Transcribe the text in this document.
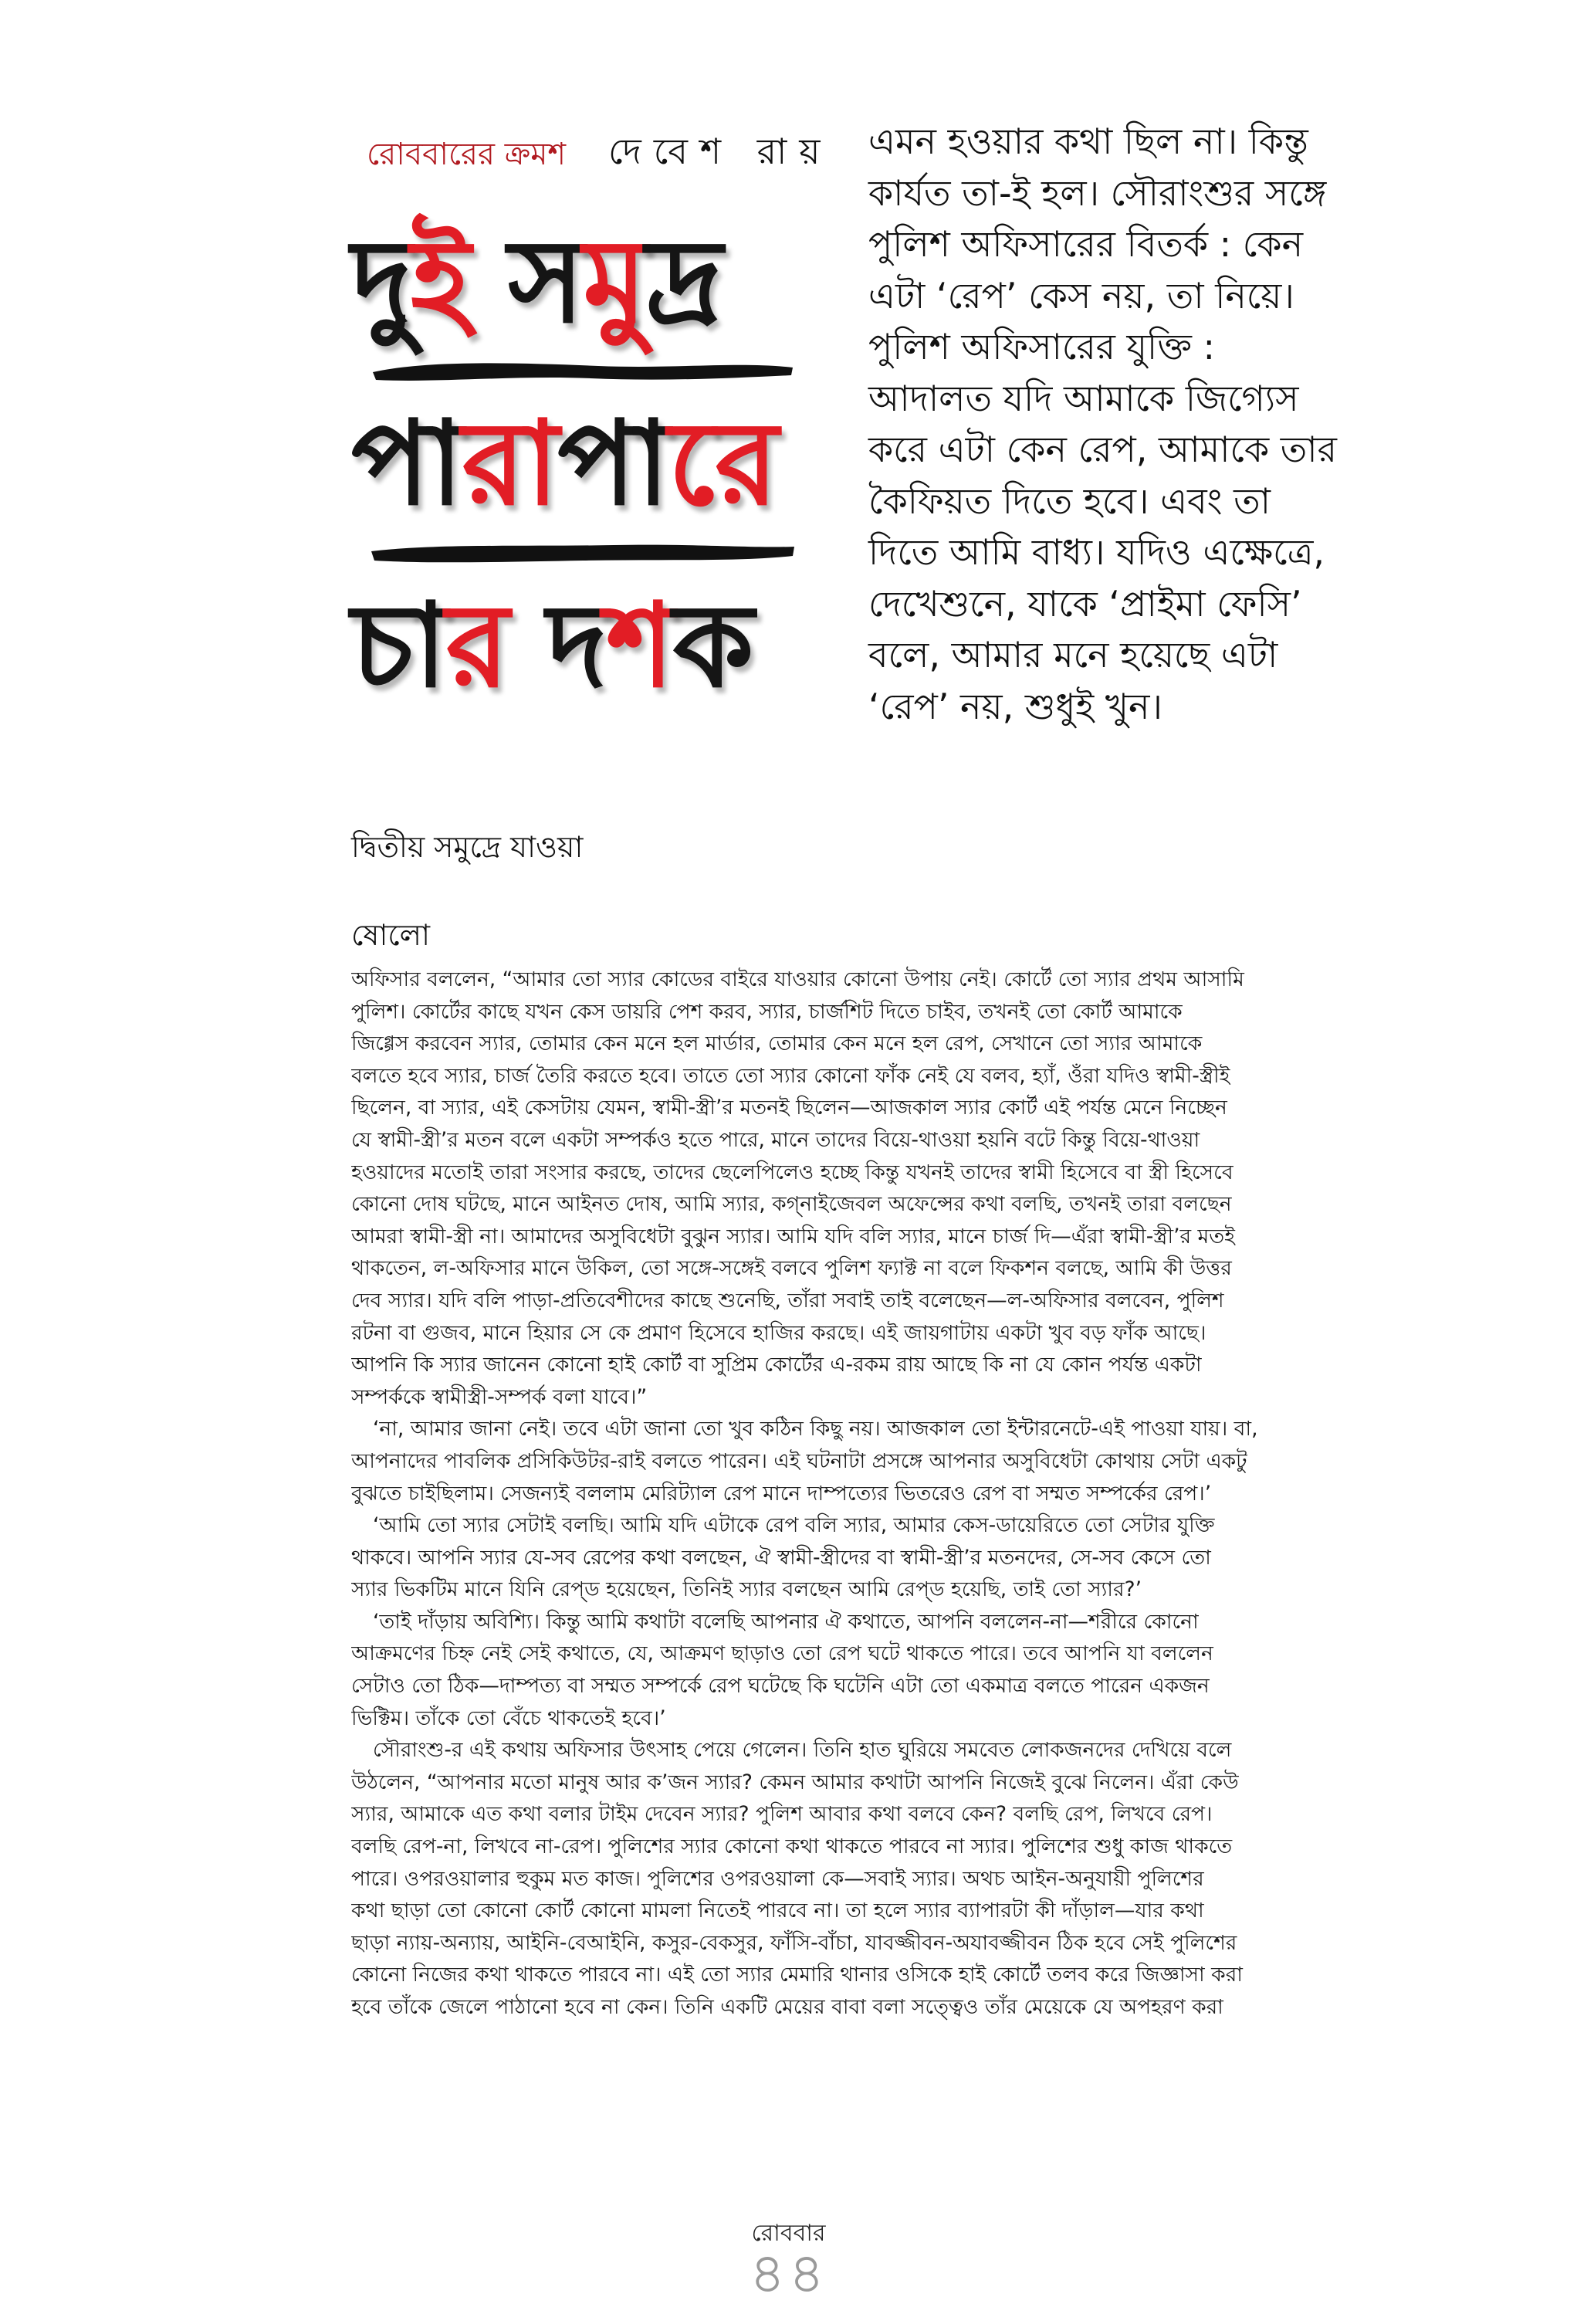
রোববারের ক্রমশ দেবেশ রায়
দুই সমুদ্র
পারাপারে
চার দশক
এমন হওয়ার কথা ছিল না। কিন্তু
কার্যত তা-ই হল। সৌরাংশুর সঙ্গে
পুলিশ অফিসারের বিতর্ক : কেন
এটা ‘রেপ’ কেস নয়, তা নিয়ে।
পুলিশ অফিসারের যুক্তি :
আদালত যদি আমাকে জিগ্যেস
করে এটা কেন রেপ, আমাকে তার
কৈফিয়ত দিতে হবে। এবং তা
দিতে আমি বাধ্য। যদিও এক্ষেত্রে,
দেখেশুনে, যাকে ‘প্রাইমা ফেসি’
বলে, আমার মনে হয়েছে এটা
‘রেপ’ নয়, শুধুই খুন।
দ্বিতীয় সমুদ্রে যাওয়া
ষোলো
অফিসার বললেন, “আমার তো স্যার কোডের বাইরে যাওয়ার কোনো উপায় নেই। কোর্টে তো স্যার প্রথম আসামি
পুলিশ। কোর্টের কাছে যখন কেস ডায়রি পেশ করব, স্যার, চার্জশিট দিতে চাইব, তখনই তো কোর্ট আমাকে
জিগ্গেস করবেন স্যার, তোমার কেন মনে হল মার্ডার, তোমার কেন মনে হল রেপ, সেখানে তো স্যার আমাকে
বলতে হবে স্যার, চার্জ তৈরি করতে হবে। তাতে তো স্যার কোনো ফাঁক নেই যে বলব, হ্যাঁ, ওঁরা যদিও স্বামী-স্ত্রীই
ছিলেন, বা স্যার, এই কেসটায় যেমন, স্বামী-স্ত্রী’র মতনই ছিলেন—আজকাল স্যার কোর্ট এই পর্যন্ত মেনে নিচ্ছেন
যে স্বামী-স্ত্রী’র মতন বলে একটা সম্পর্কও হতে পারে, মানে তাদের বিয়ে-থাওয়া হয়নি বটে কিন্তু বিয়ে-থাওয়া
হওয়াদের মতোই তারা সংসার করছে, তাদের ছেলেপিলেও হচ্ছে কিন্তু যখনই তাদের স্বামী হিসেবে বা স্ত্রী হিসেবে
কোনো দোষ ঘটছে, মানে আইনত দোষ, আমি স্যার, কগ্‌নাইজেবল অফেন্সের কথা বলছি, তখনই তারা বলছেন
আমরা স্বামী-স্ত্রী না। আমাদের অসুবিধেটা বুঝুন স্যার। আমি যদি বলি স্যার, মানে চার্জ দি—এঁরা স্বামী-স্ত্রী’র মতই
থাকতেন, ল-অফিসার মানে উকিল, তো সঙ্গে-সঙ্গেই বলবে পুলিশ ফ্যাক্ট না বলে ফিকশন বলছে, আমি কী উত্তর
দেব স্যার। যদি বলি পাড়া-প্রতিবেশীদের কাছে শুনেছি, তাঁরা সবাই তাই বলেছেন—ল-অফিসার বলবেন, পুলিশ
রটনা বা গুজব, মানে হিয়ার সে কে প্রমাণ হিসেবে হাজির করছে। এই জায়গাটায় একটা খুব বড় ফাঁক আছে।
আপনি কি স্যার জানেন কোনো হাই কোর্ট বা সুপ্রিম কোর্টের এ-রকম রায় আছে কি না যে কোন পর্যন্ত একটা
সম্পর্ককে স্বামীস্ত্রী-সম্পর্ক বলা যাবে।”
‘না, আমার জানা নেই। তবে এটা জানা তো খুব কঠিন কিছু নয়। আজকাল তো ইন্টারনেটে-এই পাওয়া যায়। বা,
আপনাদের পাবলিক প্রসিকিউটর-রাই বলতে পারেন। এই ঘটনাটা প্রসঙ্গে আপনার অসুবিধেটা কোথায় সেটা একটু
বুঝতে চাইছিলাম। সেজন্যই বললাম মেরিট্যাল রেপ মানে দাম্পত্যের ভিতরেও রেপ বা সম্মত সম্পর্কের রেপ।’
‘আমি তো স্যার সেটাই বলছি। আমি যদি এটাকে রেপ বলি স্যার, আমার কেস-ডায়েরিতে তো সেটার যুক্তি
থাকবে। আপনি স্যার যে-সব রেপের কথা বলছেন, ঐ স্বামী-স্ত্রীদের বা স্বামী-স্ত্রী’র মতনদের, সে-সব কেসে তো
স্যার ভিকটিম মানে যিনি রেপ্‌ড হয়েছেন, তিনিই স্যার বলছেন আমি রেপ্‌ড হয়েছি, তাই তো স্যার?’
‘তাই দাঁড়ায় অবিশ্যি। কিন্তু আমি কথাটা বলেছি আপনার ঐ কথাতে, আপনি বললেন-না—শরীরে কোনো
আক্রমণের চিহ্ন নেই সেই কথাতে, যে, আক্রমণ ছাড়াও তো রেপ ঘটে থাকতে পারে। তবে আপনি যা বললেন
সেটাও তো ঠিক—দাম্পত্য বা সম্মত সম্পর্কে রেপ ঘটেছে কি ঘটেনি এটা তো একমাত্র বলতে পারেন একজন
ভিক্টিম। তাঁকে তো বেঁচে থাকতেই হবে।’
সৌরাংশু-র এই কথায় অফিসার উৎসাহ পেয়ে গেলেন। তিনি হাত ঘুরিয়ে সমবেত লোকজনদের দেখিয়ে বলে
উঠলেন, “আপনার মতো মানুষ আর ক’জন স্যার? কেমন আমার কথাটা আপনি নিজেই বুঝে নিলেন। এঁরা কেউ
স্যার, আমাকে এত কথা বলার টাইম দেবেন স্যার? পুলিশ আবার কথা বলবে কেন? বলছি রেপ, লিখবে রেপ।
বলছি রেপ-না, লিখবে না-রেপ। পুলিশের স্যার কোনো কথা থাকতে পারবে না স্যার। পুলিশের শুধু কাজ থাকতে
পারে। ওপরওয়ালার হুকুম মত কাজ। পুলিশের ওপরওয়ালা কে—সবাই স্যার। অথচ আইন-অনুযায়ী পুলিশের
কথা ছাড়া তো কোনো কোর্ট কোনো মামলা নিতেই পারবে না। তা হলে স্যার ব্যাপারটা কী দাঁড়াল—যার কথা
ছাড়া ন্যায়-অন্যায়, আইনি-বেআইনি, কসুর-বেকসুর, ফাঁসি-বাঁচা, যাবজ্জীবন-অযাবজ্জীবন ঠিক হবে সেই পুলিশের
কোনো নিজের কথা থাকতে পারবে না। এই তো স্যার মেমারি থানার ওসিকে হাই কোর্টে তলব করে জিজ্ঞাসা করা
হবে তাঁকে জেলে পাঠানো হবে না কেন। তিনি একটি মেয়ের বাবা বলা সত্ত্বেও তাঁর মেয়েকে যে অপহরণ করা
রোববার
৪৪
